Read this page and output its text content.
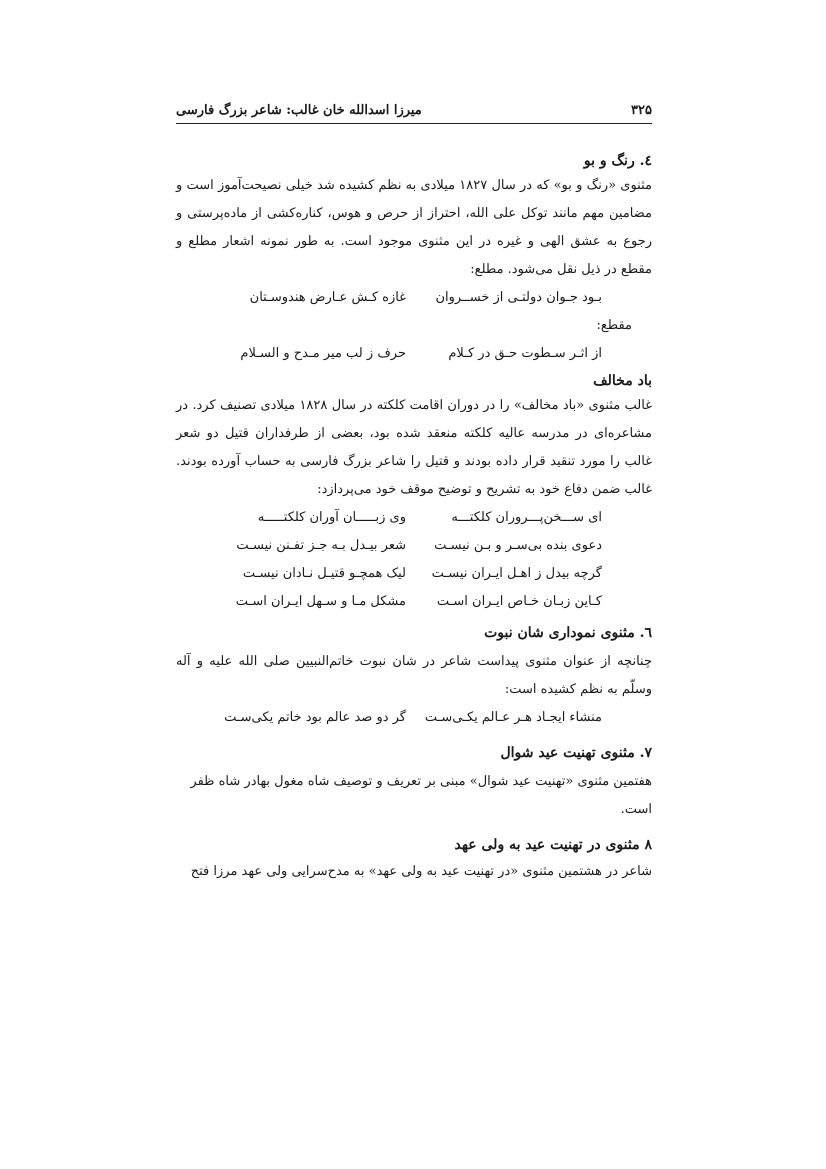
۳۲۵
میرزا اسدالله خان غالب: شاعر بزرگ فارسی

٤. رنگ و بو

مثنوی «رنگ و بو» که در سال ۱۸۲۷ میلادی به نظم کشیده شد خیلی نصیحت‌آموز است و مضامین مهم مانند توکل علی الله، احتراز از حرص و هوس، کناره‌کشی از ماده‌پرستی و رجوع به عشق الهی و غیره در این مثنوی موجود است. به طور نمونه اشعار مطلع و مقطع در ذیل نقل می‌شود. مطلع:

بـود جـوان دولتـی از خســروان
غازه کـش عـارض هندوسـتان

مقطع:

از اثـر سـطوت حـق در کـلام
حرف ز لب میر مـدح و السـلام

باد مخالف

غالب مثنوی «باد مخالف» را در دوران اقامت کلکته در سال ۱۸۲۸ میلادی تصنیف کرد. در مشاعره‌ای در مدرسه عالیه کلکته منعقد شده بود، بعضی از طرفداران قتیل دو شعر غالب را مورد تنقید قرار داده بودند و قتیل را شاعر بزرگ فارسی به حساب آورده بودند. غالب ضمن دفاع خود به تشریح و توضیح موقف خود می‌پردازد:

ای ســـخن‌پـــروران کلکتـــه
وی زبـــــان آوران کلکتـــــه
دعوی بنده بی‌سـر و بـن نیسـت
شعر بیـدل بـه جـز تفـنن نیسـت
گرچه بیدل ز اهـل ایـران نیسـت
لیک همچـو قتیـل نـادان نیسـت
کـاین زبـان خـاص ایـران اسـت
مشکل مـا و سـهل ایـران اسـت

٦. مثنوی نموداری شان نبوت

چنانچه از عنوان مثنوی پیداست شاعر در شان نبوت خاتم‌النبیین صلی الله علیه و آله وسلّم به نظم کشیده است:

منشاء ایجـاد هـر عـالم یکـی‌سـت
گر دو صد عالم بود خاتم یکی‌سـت

٧. مثنوی تهنیت عید شوال

هفتمین مثنوی «تهنیت عید شوال» مبنی بر تعریف و توصیف شاه مغول بهادر شاه ظفر است.

٨ مثنوی در تهنیت عید به ولی عهد

شاعر در هشتمین مثنوی «در تهنیت عید به ولی عهد» به مدح‌سرایی ولی عهد مرزا فتح
